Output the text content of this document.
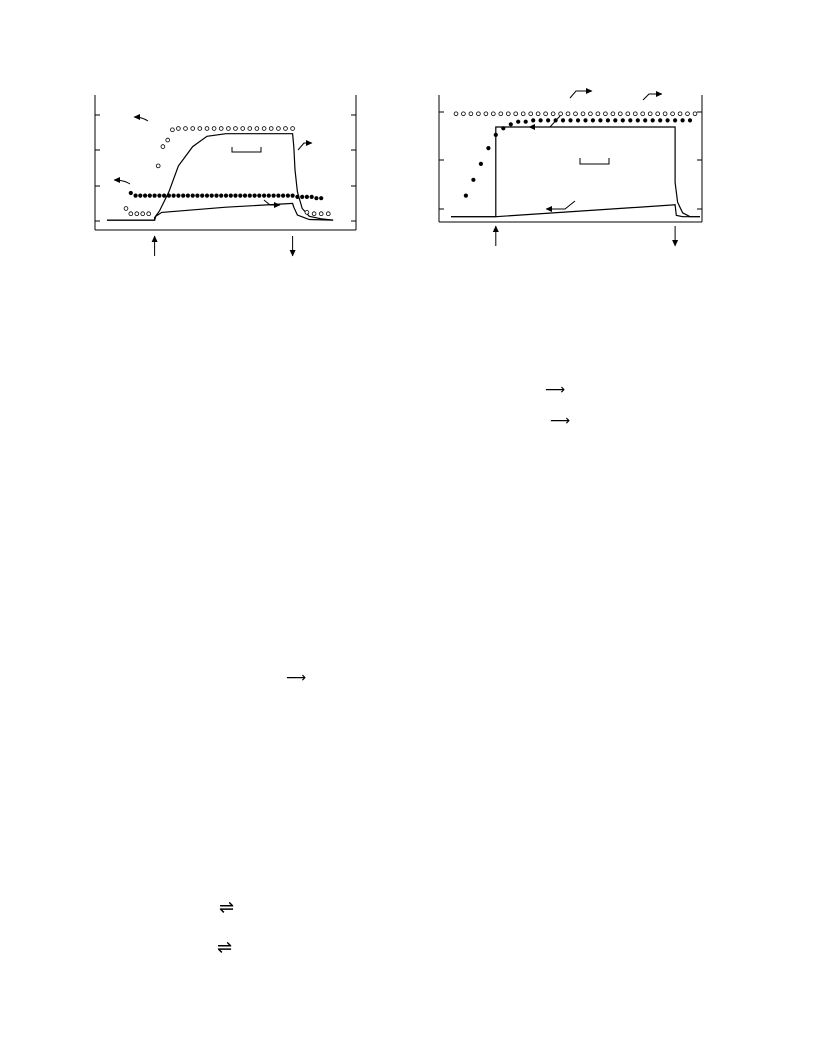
⟶
⟶
⟶
⇌
⇌
